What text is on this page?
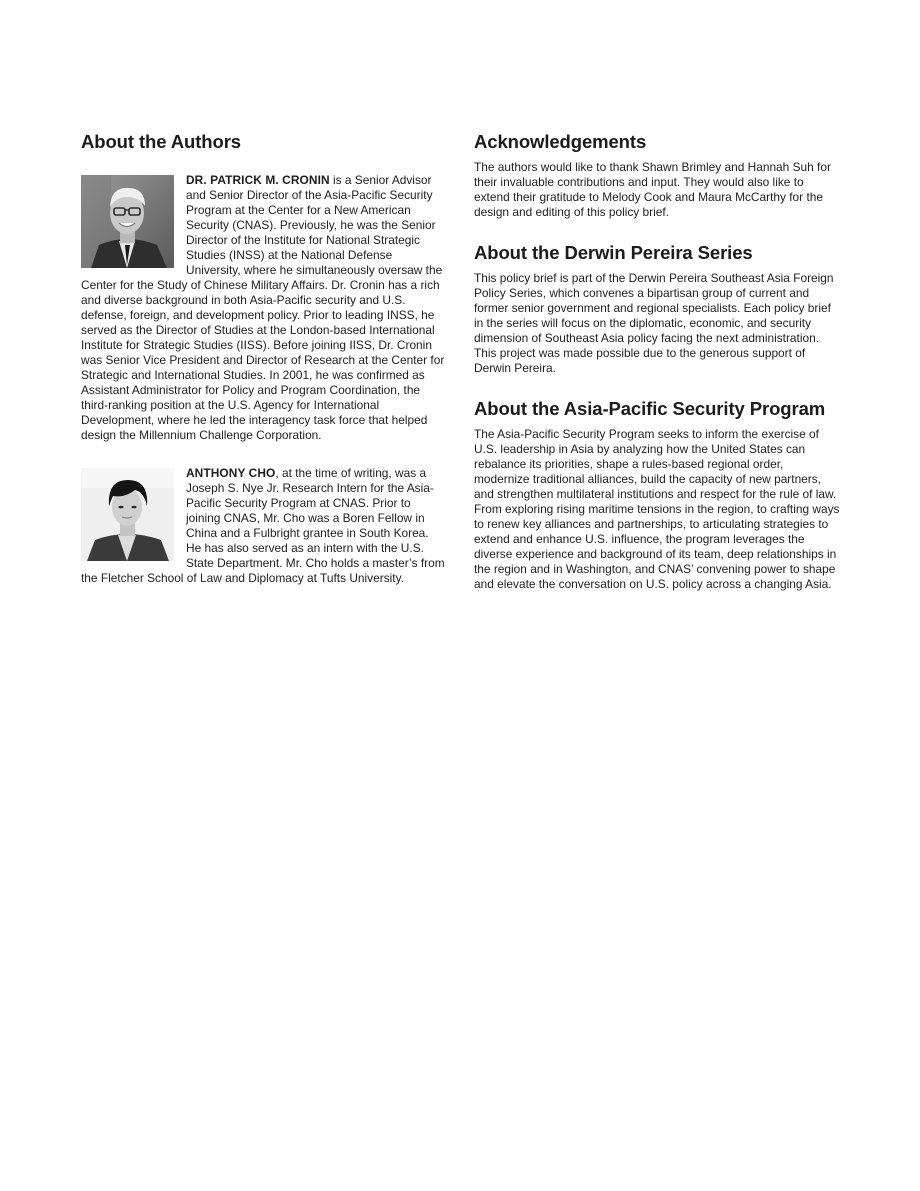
About the Authors

DR. PATRICK M. CRONIN is a Senior Advisor and Senior Director of the Asia-Pacific Security Program at the Center for a New American Security (CNAS). Previously, he was the Senior Director of the Institute for National Strategic Studies (INSS) at the National Defense University, where he simultaneously oversaw the Center for the Study of Chinese Military Affairs. Dr. Cronin has a rich and diverse background in both Asia-Pacific security and U.S. defense, foreign, and development policy. Prior to leading INSS, he served as the Director of Studies at the London-based International Institute for Strategic Studies (IISS). Before joining IISS, Dr. Cronin was Senior Vice President and Director of Research at the Center for Strategic and International Studies. In 2001, he was confirmed as Assistant Administrator for Policy and Program Coordination, the third-ranking position at the U.S. Agency for International Development, where he led the interagency task force that helped design the Millennium Challenge Corporation.

ANTHONY CHO, at the time of writing, was a Joseph S. Nye Jr. Research Intern for the Asia-Pacific Security Program at CNAS. Prior to joining CNAS, Mr. Cho was a Boren Fellow in China and a Fulbright grantee in South Korea. He has also served as an intern with the U.S. State Department. Mr. Cho holds a master’s from the Fletcher School of Law and Diplomacy at Tufts University.

Acknowledgements

The authors would like to thank Shawn Brimley and Hannah Suh for their invaluable contributions and input. They would also like to extend their gratitude to Melody Cook and Maura McCarthy for the design and editing of this policy brief.

About the Derwin Pereira Series

This policy brief is part of the Derwin Pereira Southeast Asia Foreign Policy Series, which convenes a bipartisan group of current and former senior government and regional specialists. Each policy brief in the series will focus on the diplomatic, economic, and security dimension of Southeast Asia policy facing the next administration. This project was made possible due to the generous support of Derwin Pereira.

About the Asia-Pacific Security Program

The Asia-Pacific Security Program seeks to inform the exercise of U.S. leadership in Asia by analyzing how the United States can rebalance its priorities, shape a rules-based regional order, modernize traditional alliances, build the capacity of new partners, and strengthen multilateral institutions and respect for the rule of law. From exploring rising maritime tensions in the region, to crafting ways to renew key alliances and partnerships, to articulating strategies to extend and enhance U.S. influence, the program leverages the diverse experience and background of its team, deep relationships in the region and in Washington, and CNAS’ convening power to shape and elevate the conversation on U.S. policy across a changing Asia.
